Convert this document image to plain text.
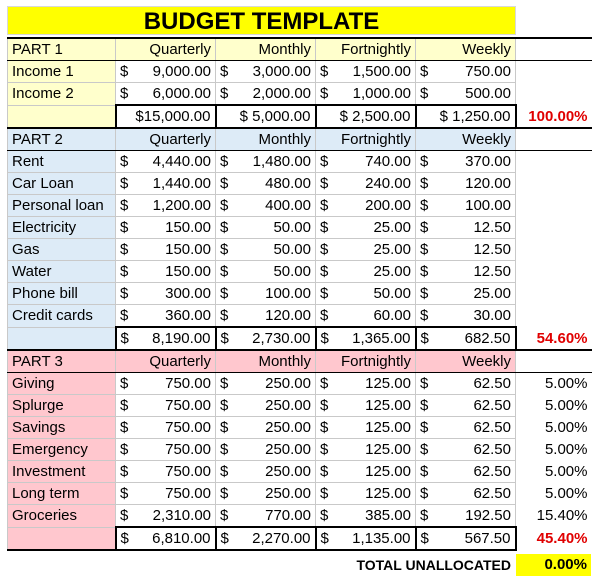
BUDGET TEMPLATE
PART 1	Quarterly	Monthly	Fortnightly	Weekly	
Income 1	$ 9,000.00	$ 3,000.00	$ 1,500.00	$ 750.00	

Income 2	$ 6,000.00	$ 2,000.00	$ 1,000.00	$ 500.00	

	$15,000.00	$ 5,000.00	$ 2,500.00	$ 1,250.00	100.00%
PART 2	Quarterly	Monthly	Fortnightly	Weekly	
Rent	$ 4,440.00	$ 1,480.00	$ 740.00	$ 370.00	

Car Loan	$ 1,440.00	$ 480.00	$ 240.00	$ 120.00	

Personal loan	$ 1,200.00	$ 400.00	$ 200.00	$ 100.00	

Electricity	$ 150.00	$ 50.00	$ 25.00	$ 12.50	

Gas	$ 150.00	$ 50.00	$ 25.00	$ 12.50	

Water	$ 150.00	$ 50.00	$ 25.00	$ 12.50	

Phone bill	$ 300.00	$ 100.00	$ 50.00	$ 25.00	

Credit cards	$ 360.00	$ 120.00	$ 60.00	$ 30.00	

	$ 8,190.00	$ 2,730.00	$ 1,365.00	$ 682.50	54.60%
PART 3	Quarterly	Monthly	Fortnightly	Weekly	
Giving	$ 750.00	$ 250.00	$ 125.00	$ 62.50	5.00%
Splurge	$ 750.00	$ 250.00	$ 125.00	$ 62.50	5.00%
Savings	$ 750.00	$ 250.00	$ 125.00	$ 62.50	5.00%
Emergency	$ 750.00	$ 250.00	$ 125.00	$ 62.50	5.00%
Investment	$ 750.00	$ 250.00	$ 125.00	$ 62.50	5.00%
Long term	$ 750.00	$ 250.00	$ 125.00	$ 62.50	5.00%
Groceries	$ 2,310.00	$ 770.00	$ 385.00	$ 192.50	15.40%

	$ 6,810.00	$ 2,270.00	$ 1,135.00	$ 567.50	45.40%
TOTAL UNALLOCATED	0.00%
